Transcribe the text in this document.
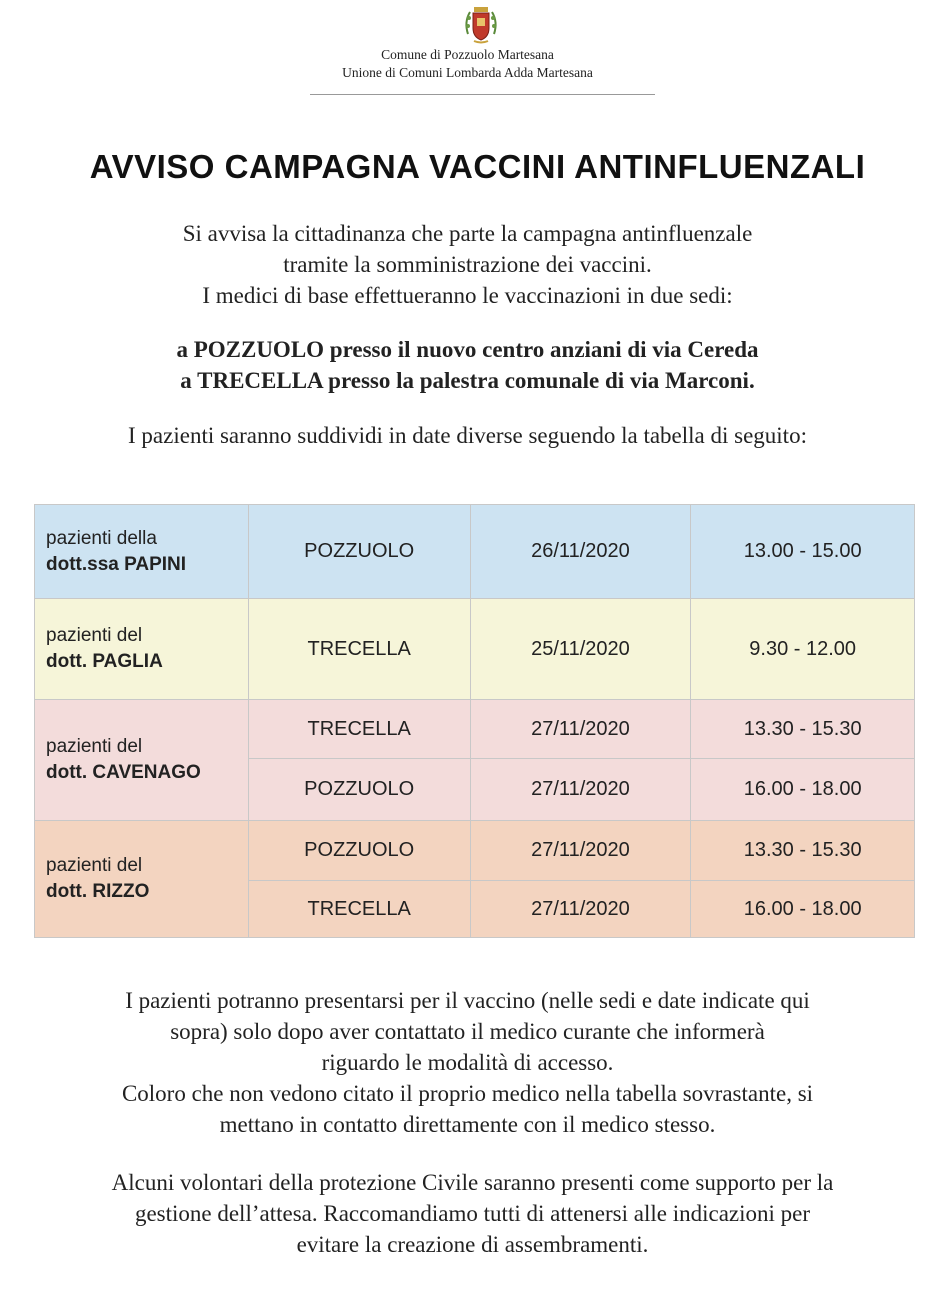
Comune di Pozzuolo Martesana
Unione di Comuni Lombarda Adda Martesana
AVVISO CAMPAGNA VACCINI ANTINFLUENZALI
Si avvisa la cittadinanza che parte la campagna antinfluenzale
tramite la somministrazione dei vaccini.
I medici di base effettueranno le vaccinazioni in due sedi:
a POZZUOLO presso il nuovo centro anziani di via Cereda
a TRECELLA presso la palestra comunale di via Marconi.
I pazienti saranno suddividi in date diverse seguendo la tabella di seguito:
pazienti della
dott.ssa PAPINI	POZZUOLO	26/11/2020	13.00 - 15.00

pazienti del
dott. PAGLIA	TRECELLA	25/11/2020	9.30 - 12.00

pazienti del
dott. CAVENAGO	TRECELLA	27/11/2020	13.30 - 15.30
	POZZUOLO	27/11/2020	16.00 - 18.00

pazienti del
dott. RIZZO	POZZUOLO	27/11/2020	13.30 - 15.30
	TRECELLA	27/11/2020	16.00 - 18.00
I pazienti potranno presentarsi per il vaccino (nelle sedi e date indicate qui
sopra) solo dopo aver contattato il medico curante che informerà
riguardo le modalità di accesso.
Coloro che non vedono citato il proprio medico nella tabella sovrastante, si
mettano in contatto direttamente con il medico stesso.
Alcuni volontari della protezione Civile saranno presenti come supporto per la
gestione dell’attesa. Raccomandiamo tutti di attenersi alle indicazioni per
evitare la creazione di assembramenti.
